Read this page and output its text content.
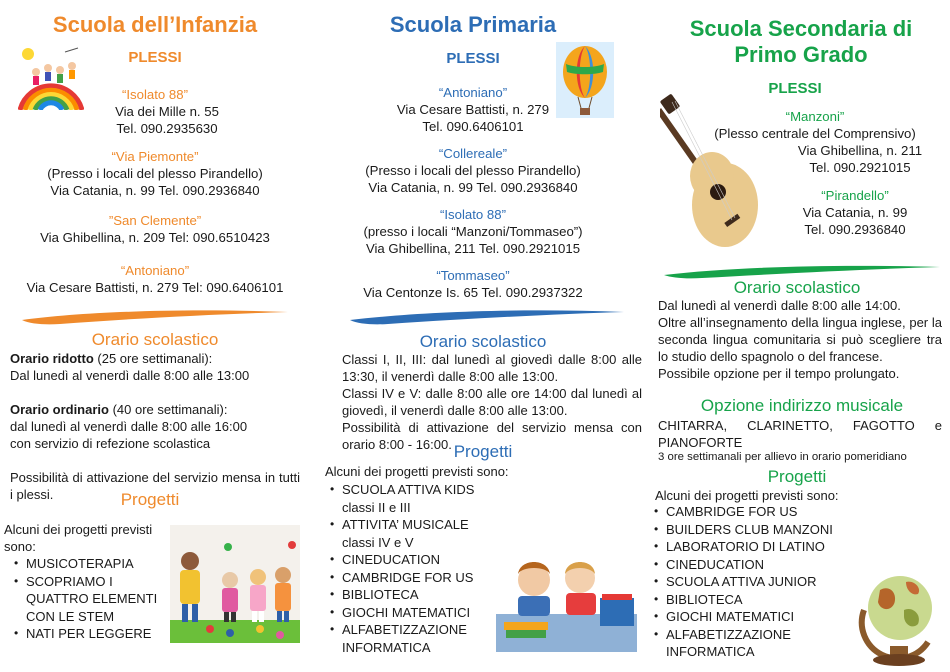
Scuola dell’Infanzia
PLESSI
“Isolato 88”
Via dei Mille n. 55
Tel. 090.2935630
“Via Piemonte”
(Presso i locali del plesso Pirandello)
Via Catania, n. 99 Tel. 090.2936840
”San Clemente”
Via Ghibellina, n. 209 Tel: 090.6510423
“Antoniano”
Via Cesare Battisti, n. 279 Tel: 090.6406101
Orario scolastico
Orario ridotto (25 ore settimanali):
Dal lunedì al venerdì dalle 8:00 alle 13:00
Orario ordinario (40 ore settimanali):
dal lunedì al venerdì dalle 8:00 alle 16:00
con servizio di refezione scolastica
Possibilità di attivazione del servizio mensa in tutti i plessi.	Progetti
Alcuni dei progetti previsti sono:
• MUSICOTERAPIA
• SCOPRIAMO I QUATTRO ELEMENTI CON LE STEM
• NATI PER LEGGERE
Scuola Primaria
PLESSI
“Antoniano”
Via Cesare Battisti, n. 279
Tel. 090.6406101
“Collereale”
(Presso i locali del plesso Pirandello)
Via Catania, n. 99 Tel. 090.2936840
“Isolato 88”
(presso i locali “Manzoni/Tommaseo”)
Via Ghibellina, 211 Tel. 090.2921015
“Tommaseo”
Via Centonze Is. 65 Tel. 090.2937322
Orario scolastico
Classi I, II, III: dal lunedì al giovedì dalle 8:00 alle 13:30, il venerdì dalle 8:00 alle 13:00.
Classi IV e V: dalle 8:00 alle ore 14:00 dal lunedì al giovedì, il venerdì dalle 8:00 alle 13:00.
Possibilità di attivazione del servizio mensa con orario 8:00 - 16:00. Progetti
Alcuni dei progetti previsti sono:
• SCUOLA ATTIVA KIDS classi II e III
• ATTIVITA’ MUSICALE classi IV e V
• CINEDUCATION
• CAMBRIDGE FOR US
• BIBLIOTECA
• GIOCHI MATEMATICI
• ALFABETIZZAZIONE INFORMATICA
Scuola Secondaria di
Primo Grado
PLESSI
“Manzoni”
(Plesso centrale del Comprensivo)
Via Ghibellina, n. 211
Tel. 090.2921015
“Pirandello”
Via Catania, n. 99
Tel. 090.2936840
Orario scolastico
Dal lunedì al venerdì dalle 8:00 alle 14:00.
Oltre all’insegnamento della lingua inglese, per la seconda lingua comunitaria si può scegliere tra lo studio dello spagnolo o del francese.
Possibile opzione per il tempo prolungato.
Opzione indirizzo musicale
CHITARRA, CLARINETTO, FAGOTTO e PIANOFORTE
3 ore settimanali per allievo in orario pomeridiano
Progetti
Alcuni dei progetti previsti sono:
• CAMBRIDGE FOR US
• BUILDERS CLUB MANZONI
• LABORATORIO DI LATINO
• CINEDUCATION
• SCUOLA ATTIVA JUNIOR
• BIBLIOTECA
• GIOCHI MATEMATICI
• ALFABETIZZAZIONE INFORMATICA
